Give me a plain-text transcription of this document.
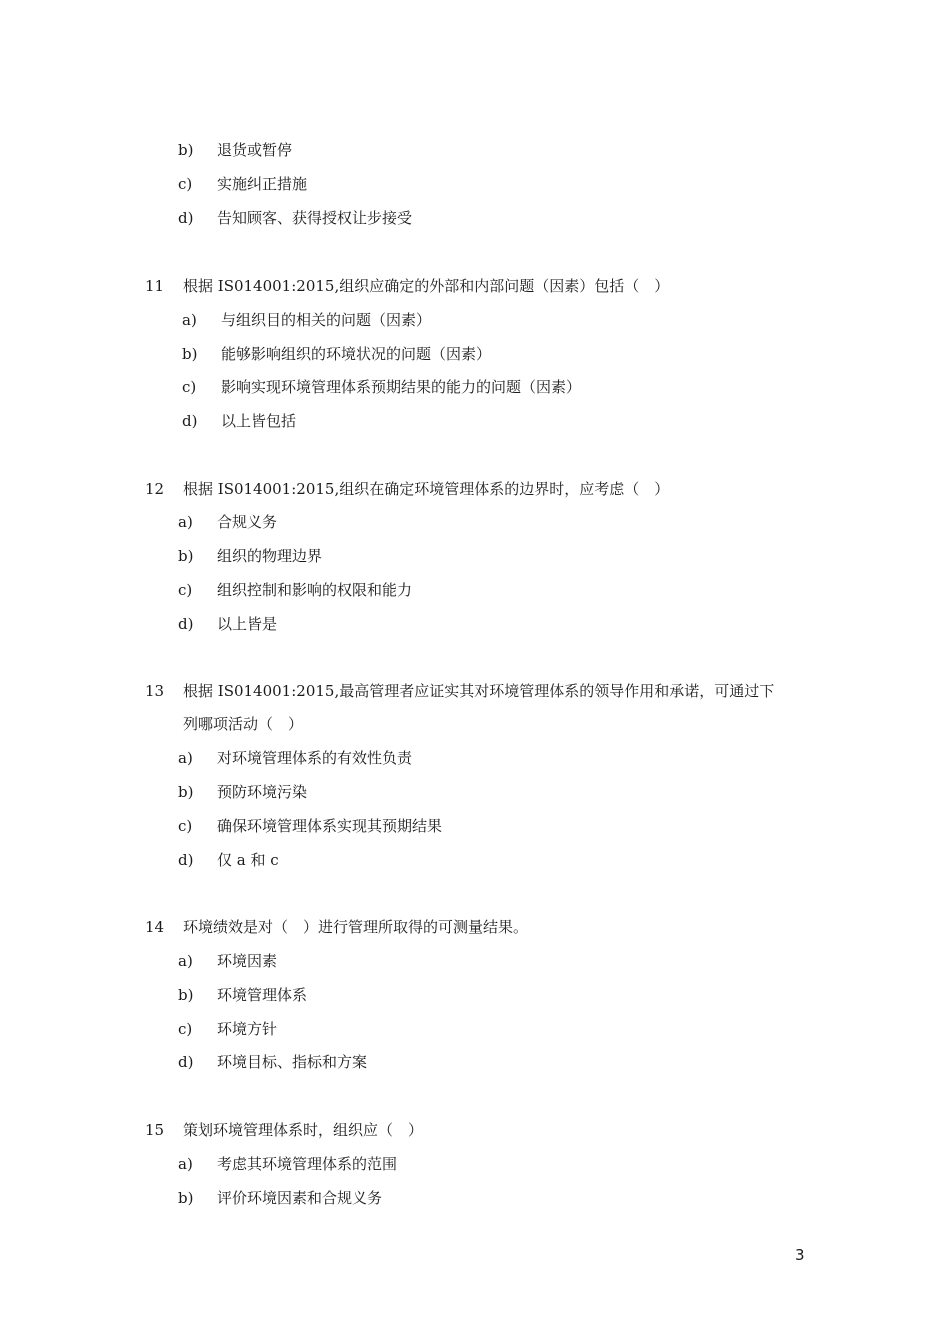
b) 退货或暂停
c) 实施纠正措施
d) 告知顾客、获得授权让步接受
11 根据 IS014001:2015,组织应确定的外部和内部问题（因素）包括（　）
a) 与组织目的相关的问题（因素）
b) 能够影响组织的环境状况的问题（因素）
c) 影响实现环境管理体系预期结果的能力的问题（因素）
d) 以上皆包括
12 根据 IS014001:2015,组织在确定环境管理体系的边界时，应考虑（　）
a) 合规义务
b) 组织的物理边界
c) 组织控制和影响的权限和能力
d) 以上皆是
13 根据 IS014001:2015,最高管理者应证实其对环境管理体系的领导作用和承诺，可通过下
列哪项活动（　）
a) 对环境管理体系的有效性负责
b) 预防环境污染
c) 确保环境管理体系实现其预期结果
d) 仅 a 和 c
14 环境绩效是对（　）进行管理所取得的可测量结果。
a) 环境因素
b) 环境管理体系
c) 环境方针
d) 环境目标、指标和方案
15 策划环境管理体系时，组织应（　）
a) 考虑其环境管理体系的范围
b) 评价环境因素和合规义务
3
